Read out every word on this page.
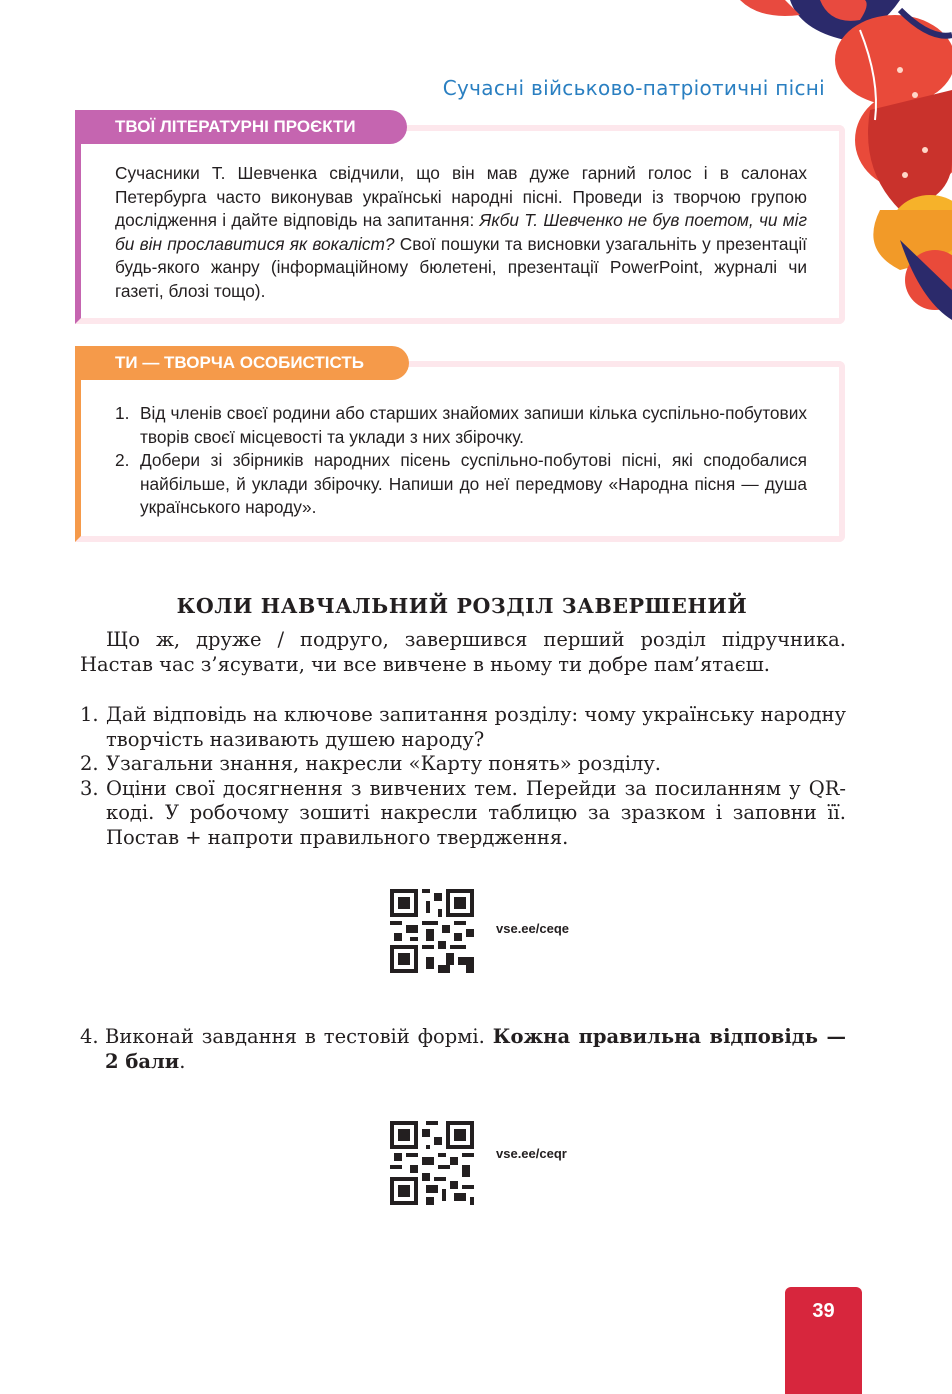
Сучасні військово-патріотичні пісні
ТВОЇ ЛІТЕРАТУРНІ ПРОЄКТИ
Сучасники Т. Шевченка свідчили, що він мав дуже гарний голос і в салонах Петербурга часто виконував українські народні пісні. Проведи із творчою групою дослідження і дайте відповідь на запитання: Якби Т. Шевченко не був поетом, чи міг би він прославитися як вокаліст? Свої пошуки та висновки узагальніть у презентації будь-якого жанру (інформаційному бюлетені, презентації PowerPoint, журналі чи газеті, блозі тощо).
ТИ — ТВОРЧА ОСОБИСТІСТЬ
1. Від членів своєї родини або старших знайомих запиши кілька суспільно-побутових творів своєї місцевості та уклади з них збірочку.
2. Добери зі збірників народних пісень суспільно-побутові пісні, які сподобалися найбільше, й уклади збірочку. Напиши до неї передмову «Народна пісня — душа українського народу».
КОЛИ НАВЧАЛЬНИЙ РОЗДІЛ ЗАВЕРШЕНИЙ

Що ж, друже / подруго, завершився перший розділ підручника. Настав час з’ясувати, чи все вивчене в ньому ти добре пам’ятаєш.

1. Дай відповідь на ключове запитання розділу: чому українську народну творчість називають душею народу?
2. Узагальни знання, накресли «Карту понять» розділу.
3. Оціни свої досягнення з вивчених тем. Перейди за посиланням у QR-коді. У робочому зошиті накресли таблицю за зразком і заповни її. Постав + напроти правильного твердження.
vse.ee/ceqe
4. Виконай завдання в тестовій формі. Кожна правильна відповідь — 2 бали.
vse.ee/ceqr
39
